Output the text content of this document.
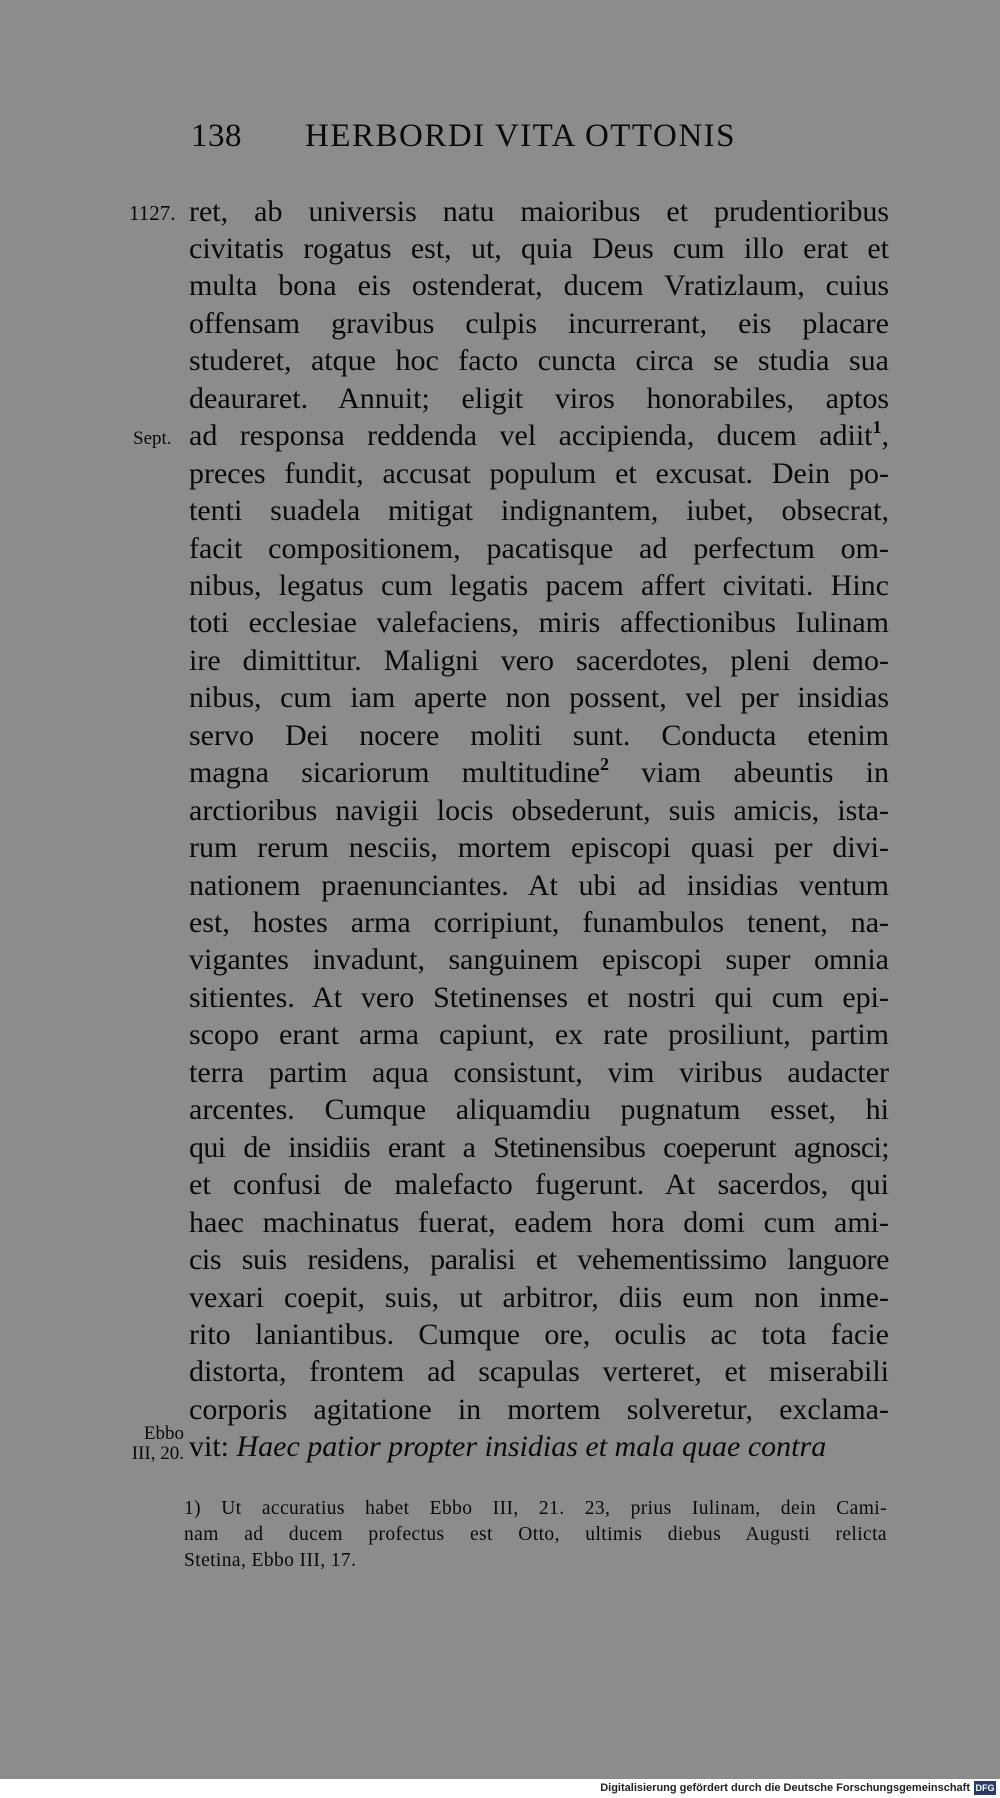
138 HERBORDI VITA OTTONIS
1127.
Sept.
Ebbo
III, 20.
ret, ab universis natu maioribus et prudentioribus
civitatis rogatus est, ut, quia Deus cum illo erat et
multa bona eis ostenderat, ducem Vratizlaum, cuius
offensam gravibus culpis incurrerant, eis placare
studeret, atque hoc facto cuncta circa se studia sua
deauraret. Annuit; eligit viros honorabiles, aptos
ad responsa reddenda vel accipienda, ducem adiit$^1$,
preces fundit, accusat populum et excusat. Dein po-
tenti suadela mitigat indignantem, iubet, obsecrat,
facit compositionem, pacatisque ad perfectum om-
nibus, legatus cum legatis pacem affert civitati. Hinc
toti ecclesiae valefaciens, miris affectionibus Iulinam
ire dimittitur. Maligni vero sacerdotes, pleni demo-
nibus, cum iam aperte non possent, vel per insidias
servo Dei nocere moliti sunt. Conducta etenim
magna sicariorum multitudine$^2$ viam abeuntis in
arctioribus navigii locis obsederunt, suis amicis, ista-
rum rerum nesciis, mortem episcopi quasi per divi-
nationem praenunciantes. At ubi ad insidias ventum
est, hostes arma corripiunt, funambulos tenent, na-
vigantes invadunt, sanguinem episcopi super omnia
sitientes. At vero Stetinenses et nostri qui cum epi-
scopo erant arma capiunt, ex rate prosiliunt, partim
terra partim aqua consistunt, vim viribus audacter
arcentes. Cumque aliquamdiu pugnatum esset, hi
qui de insidiis erant a Stetinensibus coeperunt agnosci;
et confusi de malefacto fugerunt. At sacerdos, qui
haec machinatus fuerat, eadem hora domi cum ami-
cis suis residens, paralisi et vehementissimo languore
vexari coepit, suis, ut arbitror, diis eum non inme-
rito laniantibus. Cumque ore, oculis ac tota facie
distorta, frontem ad scapulas verteret, et miserabili
corporis agitatione in mortem solveretur, exclama-
vit: Haec patior propter insidias et mala quae contra
1) Ut accuratius habet Ebbo III, 21. 23, prius Iulinam, dein Cami-
nam ad ducem profectus est Otto, ultimis diebus Augusti relicta
Stetina, Ebbo III, 17.
Digitalisierung gefördert durch die Deutsche Forschungsgemeinschaft DFG
